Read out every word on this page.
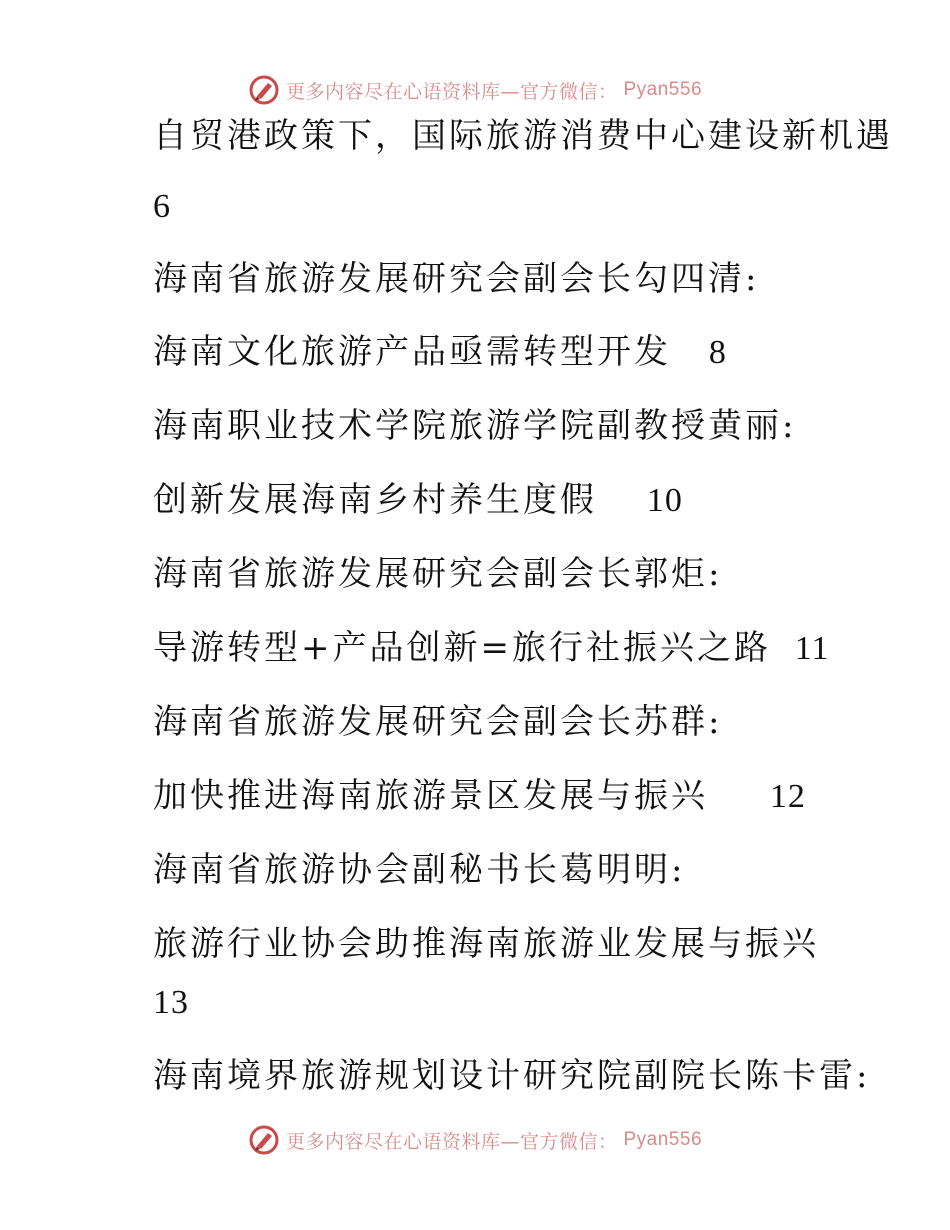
更多内容尽在心语资料库—官方微信： Pyan556
自贸港政策下，国际旅游消费中心建设新机遇
6
海南省旅游发展研究会副会长勾四清:
海南文化旅游产品亟需转型开发 8
海南职业技术学院旅游学院副教授黄丽:
创新发展海南乡村养生度假 10
海南省旅游发展研究会副会长郭炬:
导游转型+产品创新=旅行社振兴之路 11
海南省旅游发展研究会副会长苏群:
加快推进海南旅游景区发展与振兴 12
海南省旅游协会副秘书长葛明明:
旅游行业协会助推海南旅游业发展与振兴
13
海南境界旅游规划设计研究院副院长陈卡雷:
更多内容尽在心语资料库—官方微信： Pyan556
